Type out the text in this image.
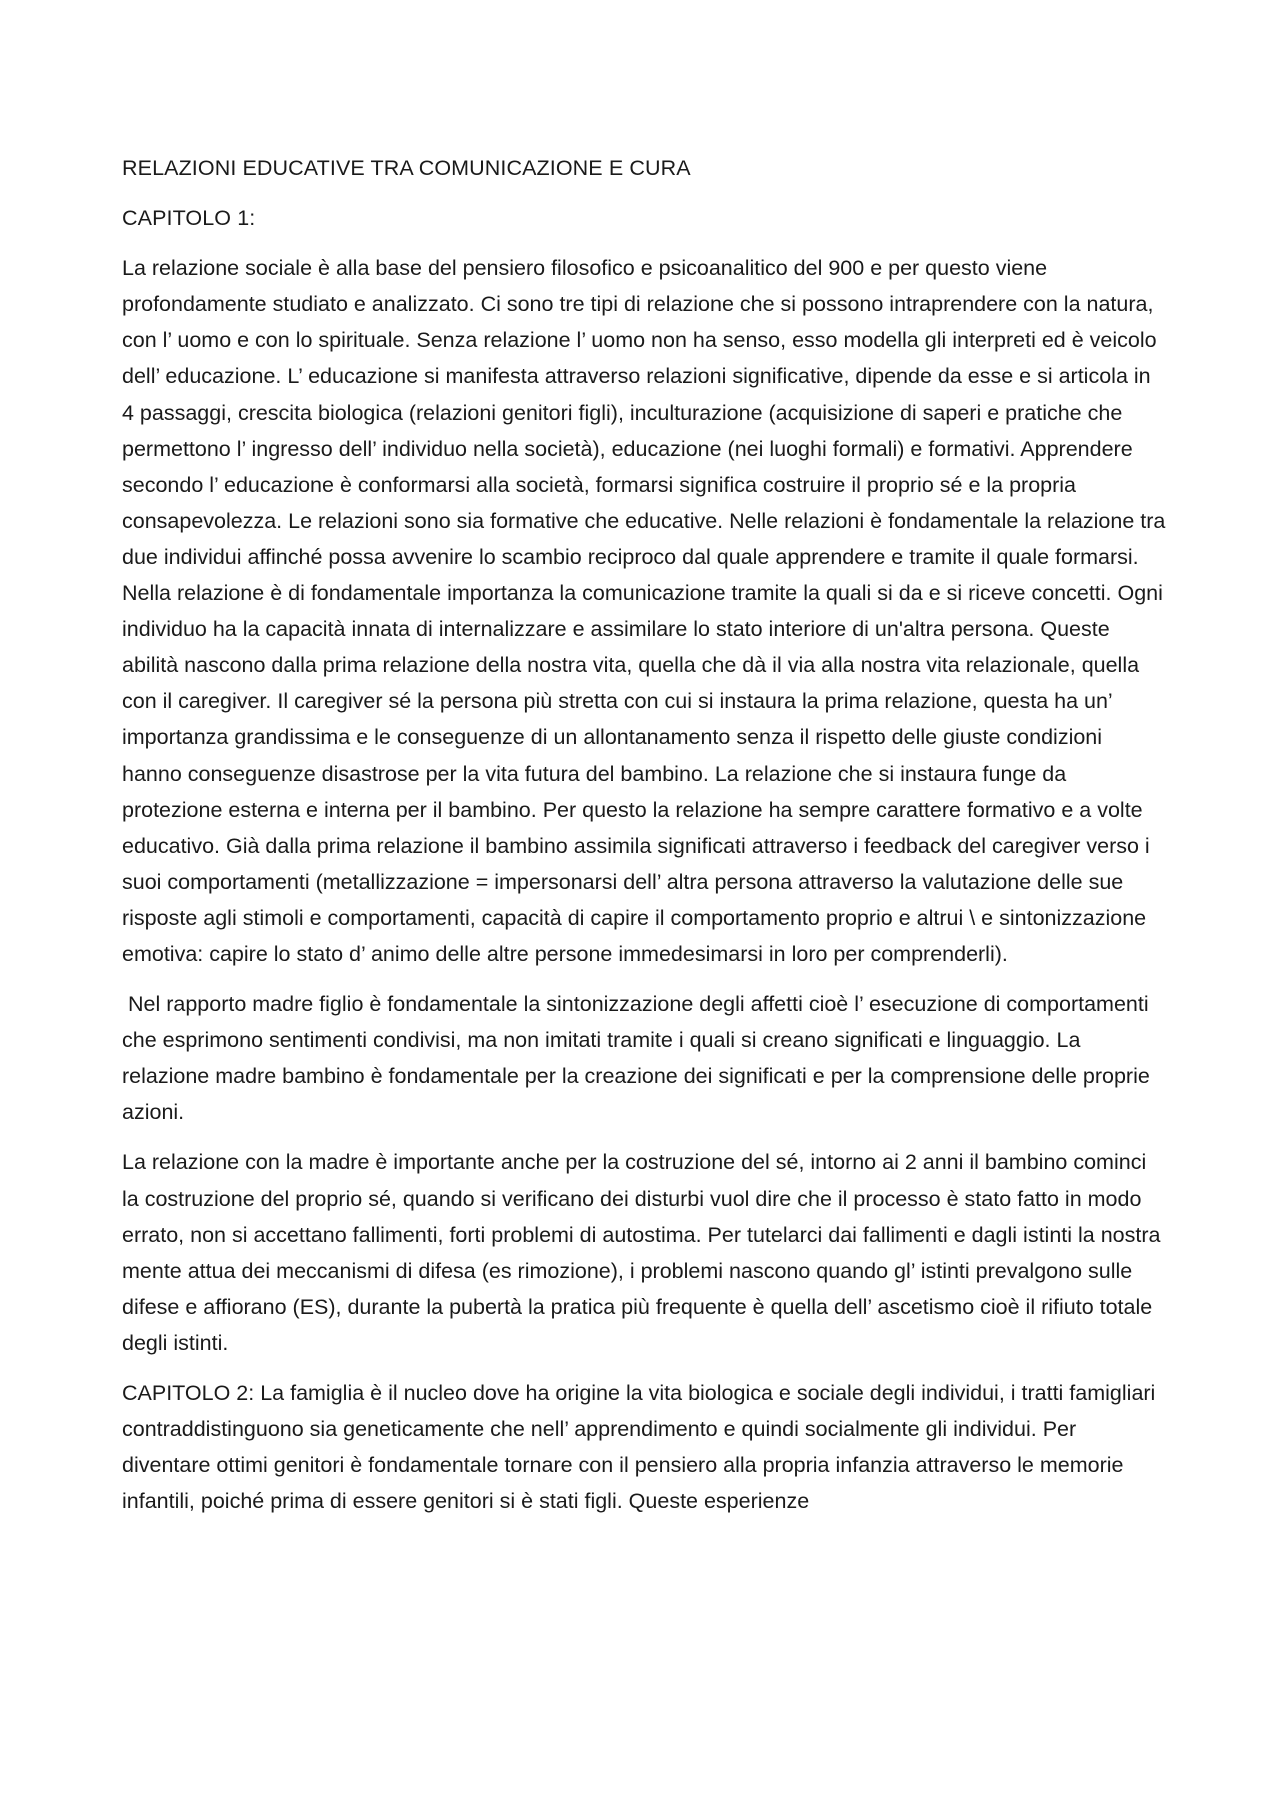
RELAZIONI EDUCATIVE TRA COMUNICAZIONE E CURA
CAPITOLO 1:

La relazione sociale è alla base del pensiero filosofico e psicoanalitico del 900 e per questo viene profondamente studiato e analizzato. Ci sono tre tipi di relazione che si possono intraprendere con la natura, con l’ uomo e con lo spirituale. Senza relazione l’ uomo non ha senso, esso modella gli interpreti ed è veicolo dell’ educazione. L’ educazione si manifesta attraverso relazioni significative, dipende da esse e si articola in 4 passaggi, crescita biologica (relazioni genitori figli), inculturazione (acquisizione di saperi e pratiche che permettono l’ ingresso dell’ individuo nella società), educazione (nei luoghi formali) e formativi. Apprendere secondo l’ educazione è conformarsi alla società, formarsi significa costruire il proprio sé e la propria consapevolezza. Le relazioni sono sia formative che educative. Nelle relazioni è fondamentale la relazione tra due individui affinché possa avvenire lo scambio reciproco dal quale apprendere e tramite il quale formarsi. Nella relazione è di fondamentale importanza la comunicazione tramite la quali si da e si riceve concetti. Ogni individuo ha la capacità innata di internalizzare e assimilare lo stato interiore di un'altra persona. Queste abilità nascono dalla prima relazione della nostra vita, quella che dà il via alla nostra vita relazionale, quella con il caregiver. Il caregiver sé la persona più stretta con cui si instaura la prima relazione, questa ha un’ importanza grandissima e le conseguenze di un allontanamento senza il rispetto delle giuste condizioni hanno conseguenze disastrose per la vita futura del bambino. La relazione che si instaura funge da protezione esterna e interna per il bambino. Per questo la relazione ha sempre carattere formativo e a volte educativo. Già dalla prima relazione il bambino assimila significati attraverso i feedback del caregiver verso i suoi comportamenti (metallizzazione = impersonarsi dell’ altra persona attraverso la valutazione delle sue risposte agli stimoli e comportamenti, capacità di capire il comportamento proprio e altrui \ e sintonizzazione emotiva: capire lo stato d’ animo delle altre persone immedesimarsi in loro per comprenderli).

Nel rapporto madre figlio è fondamentale la sintonizzazione degli affetti cioè l’ esecuzione di comportamenti che esprimono sentimenti condivisi, ma non imitati tramite i quali si creano significati e linguaggio. La relazione madre bambino è fondamentale per la creazione dei significati e per la comprensione delle proprie azioni.

La relazione con la madre è importante anche per la costruzione del sé, intorno ai 2 anni il bambino cominci la costruzione del proprio sé, quando si verificano dei disturbi vuol dire che il processo è stato fatto in modo errato, non si accettano fallimenti, forti problemi di autostima. Per tutelarci dai fallimenti e dagli istinti la nostra mente attua dei meccanismi di difesa (es rimozione), i problemi nascono quando gl’ istinti prevalgono sulle difese e affiorano (ES), durante la pubertà la pratica più frequente è quella dell’ ascetismo cioè il rifiuto totale degli istinti.

CAPITOLO 2: La famiglia è il nucleo dove ha origine la vita biologica e sociale degli individui, i tratti famigliari contraddistinguono sia geneticamente che nell’ apprendimento e quindi socialmente gli individui. Per diventare ottimi genitori è fondamentale tornare con il pensiero alla propria infanzia attraverso le memorie infantili, poiché prima di essere genitori si è stati figli. Queste esperienze
